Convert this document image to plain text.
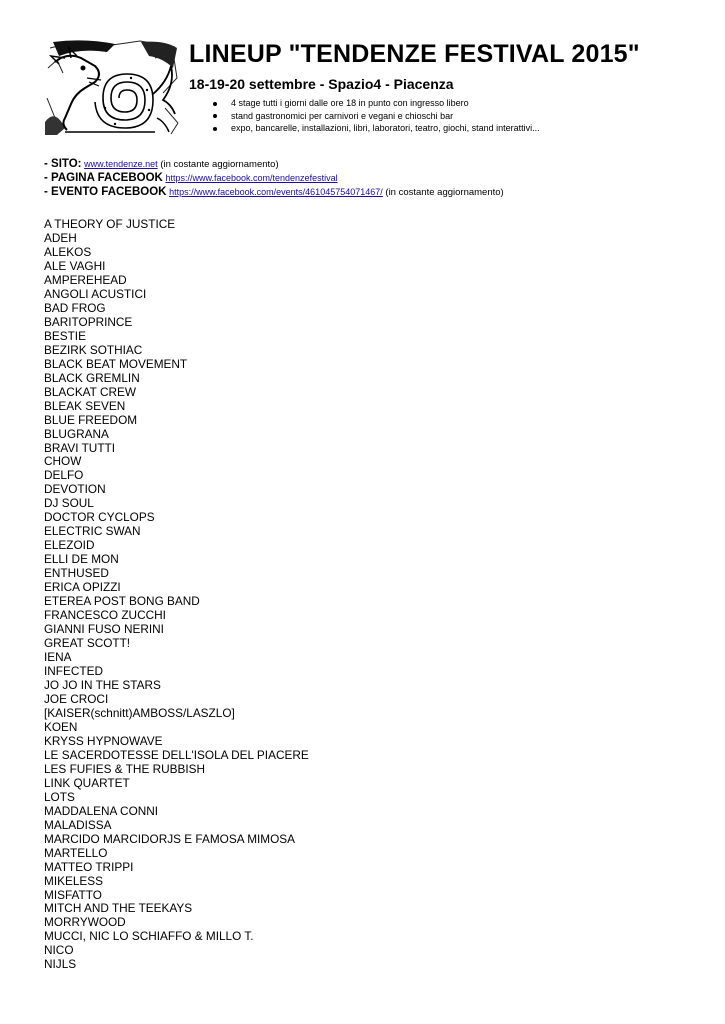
LINEUP "TENDENZE FESTIVAL 2015"
18-19-20 settembre - Spazio4 - Piacenza
4 stage tutti i giorni dalle ore 18 in punto con ingresso libero
stand gastronomici per carnivori e vegani e chioschi bar
expo, bancarelle, installazioni, libri, laboratori, teatro, giochi, stand interattivi...
- SITO: www.tendenze.net (in costante aggiornamento)
- PAGINA FACEBOOK https://www.facebook.com/tendenzefestival
- EVENTO FACEBOOK https://www.facebook.com/events/461045754071467/ (in costante aggiornamento)
A THEORY OF JUSTICE
ADEH
ALEKOS
ALE VAGHI
AMPEREHEAD
ANGOLI ACUSTICI
BAD FROG
BARITOPRINCE
BESTIE
BEZIRK SOTHIAC
BLACK BEAT MOVEMENT
BLACK GREMLIN
BLACKAT CREW
BLEAK SEVEN
BLUE FREEDOM
BLUGRANA
BRAVI TUTTI
CHOW
DELFO
DEVOTION
DJ SOUL
DOCTOR CYCLOPS
ELECTRIC SWAN
ELEZOID
ELLI DE MON
ENTHUSED
ERICA OPIZZI
ETEREA POST BONG BAND
FRANCESCO ZUCCHI
GIANNI FUSO NERINI
GREAT SCOTT!
IENA
INFECTED
JO JO IN THE STARS
JOE CROCI
[KAISER(schnitt)AMBOSS/LASZLO]
KOEN
KRYSS HYPNOWAVE
LE SACERDOTESSE DELL'ISOLA DEL PIACERE
LES FUFIES & THE RUBBISH
LINK QUARTET
LOTS
MADDALENA CONNI
MALADISSA
MARCIDO MARCIDORJS E FAMOSA MIMOSA
MARTELLO
MATTEO TRIPPI
MIKELESS
MISFATTO
MITCH AND THE TEEKAYS
MORRYWOOD
MUCCI, NIC LO SCHIAFFO & MILLO T.
NICO
NIJLS
